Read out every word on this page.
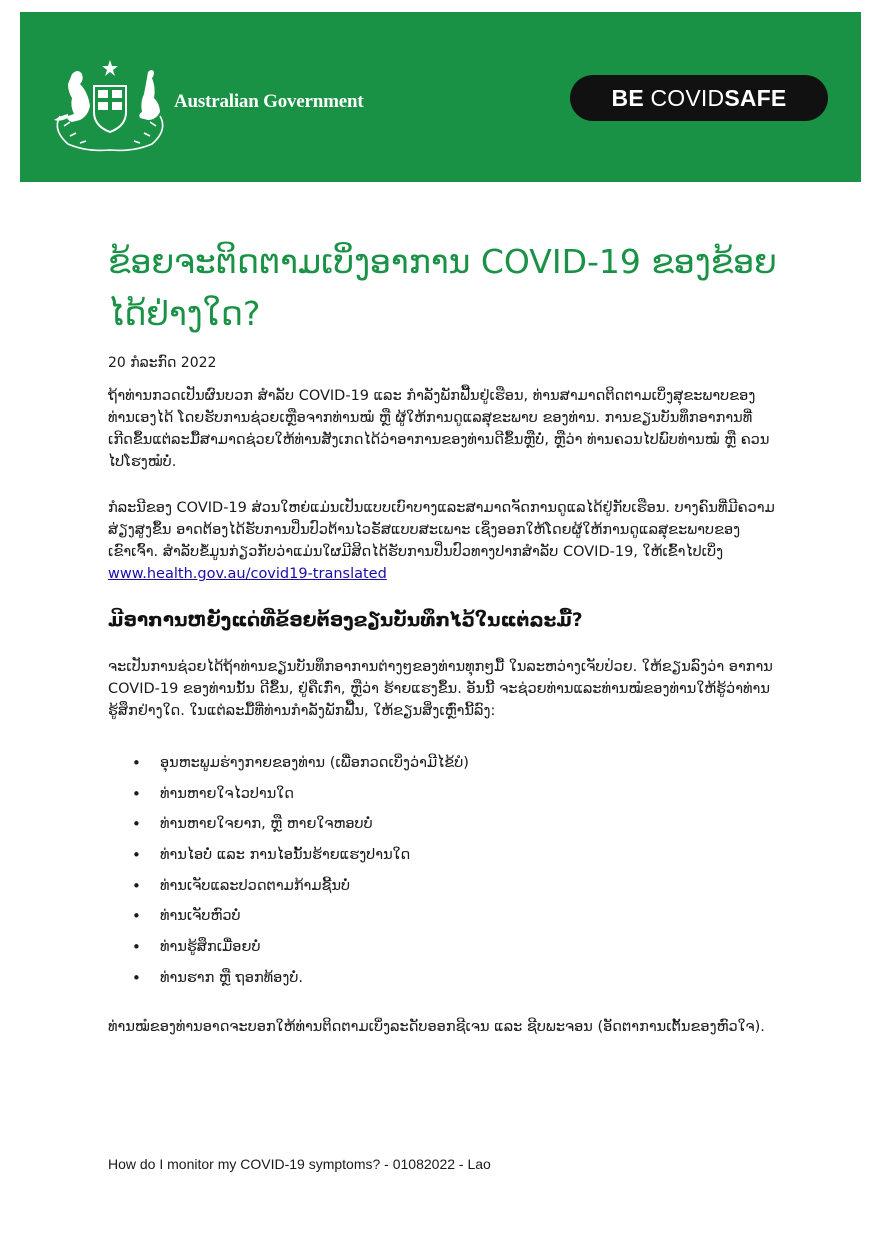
Australian Government	BE COVIDSAFE
ຂ້ອຍຈະຕິດຕາມເບິ່ງອາການ COVID-19 ຂອງຂ້ອຍໄດ້ຢ່າງໃດ?
20 ກໍລະກົດ 2022

ຖ້າທ່ານກວດເປັນຜົນບວກ ສໍາລັບ COVID-19 ແລະ ກໍາລັງພັກຟື້ນຢູ່ເຮືອນ, ທ່ານສາມາດຕິດຕາມເບິ່ງສຸຂະພາບຂອງທ່ານເອງໄດ້ ໂດຍຮັບການຊ່ວຍເຫຼືອຈາກທ່ານໝໍ ຫຼື ຜູ້ໃຫ້ການດູແລສຸຂະພາບ ຂອງທ່ານ. ການຂຽນບັນທຶກອາການທີ່ເກີດຂຶ້ນແຕ່ລະມື້ສາມາດຊ່ວຍໃຫ້ທ່ານສັງເກດໄດ້ວ່າອາການຂອງທ່ານດີຂຶ້ນຫຼືບໍ່, ຫຼືວ່າ ທ່ານຄວນໄປພົບທ່ານໝໍ ຫຼື ຄວນໄປໂຮງໝໍບໍ່.

ກໍລະນີຂອງ COVID-19 ສ່ວນໃຫຍ່ແມ່ນເປັນແບບເບົາບາງແລະສາມາດຈັດການດູແລໄດ້ຢູ່ກັບເຮືອນ. ບາງຄົນທີ່ມີຄວາມສ່ຽງສູງຂຶ້ນ ອາດຕ້ອງໄດ້ຮັບການປິ່ນປົວຕ້ານໄວຣັສແບບສະເພາະ ເຊິ່ງອອກໃຫ້ໂດຍຜູ້ໃຫ້ການດູແລສຸຂະພາບຂອງເຂົາເຈົ້າ. ສໍາລັບຂໍ້ມູນກ່ຽວກັບວ່າແມ່ນໃຜມີສິດໄດ້ຮັບການປິ່ນປົວທາງປາກສໍາລັບ COVID-19, ໃຫ້ເຂົ້າໄປເບິ່ງ www.health.gov.au/covid19-translated

ມີອາການຫຍັງແດ່ທີ່ຂ້ອຍຕ້ອງຂຽນບັນທຶກໄວ້ໃນແຕ່ລະມື້?

ຈະເປັນການຊ່ວຍໄດ້ຖ້າທ່ານຂຽນບັນທຶກອາການຕ່າງໆຂອງທ່ານທຸກໆມື້ ໃນລະຫວ່າງເຈັບປ່ວຍ. ໃຫ້ຂຽນລົງວ່າ ອາການ COVID-19 ຂອງທ່ານນັ້ນ ດີຂຶ້ນ, ຢູ່ຄືເກົ່າ, ຫຼືວ່າ ຮ້າຍແຮງຂຶ້ນ. ອັນນີ້ ຈະຊ່ວຍທ່ານແລະທ່ານໝໍຂອງທ່ານໃຫ້ຮູ້ວ່າທ່ານຮູ້ສຶກຢ່າງໃດ. ໃນແຕ່ລະມື້ທີ່ທ່ານກໍາລັງພັກຟື້ນ, ໃຫ້ຂຽນສິ່ງເຫຼົ່ານີ້ລົງ:

• ອຸນຫະພູມຮ່າງກາຍຂອງທ່ານ (ເພື່ອກວດເບິ່ງວ່າມີໄຂ້ບໍ)
• ທ່ານຫາຍໃຈໄວປານໃດ
• ທ່ານຫາຍໃຈຍາກ, ຫຼື ຫາຍໃຈຫອບບໍ່
• ທ່ານໄອບໍ່ ແລະ ການໄອນັ້ນຮ້າຍແຮງປານໃດ
• ທ່ານເຈັບແລະປວດຕາມກ້າມຊີ້ນບໍ່
• ທ່ານເຈັບຫົວບໍ່
• ທ່ານຮູ້ສຶກເມື່ອຍບໍ່
• ທ່ານຮາກ ຫຼື ຖອກທ້ອງບໍ່.

ທ່ານໝໍຂອງທ່ານອາດຈະບອກໃຫ້ທ່ານຕິດຕາມເບິ່ງລະດັບອອກຊີເຈນ ແລະ ຊີບພະຈອນ (ອັດຕາການເຕັ້ນຂອງຫົວໃຈ).

How do I monitor my COVID-19 symptoms? - 01082022 - Lao
